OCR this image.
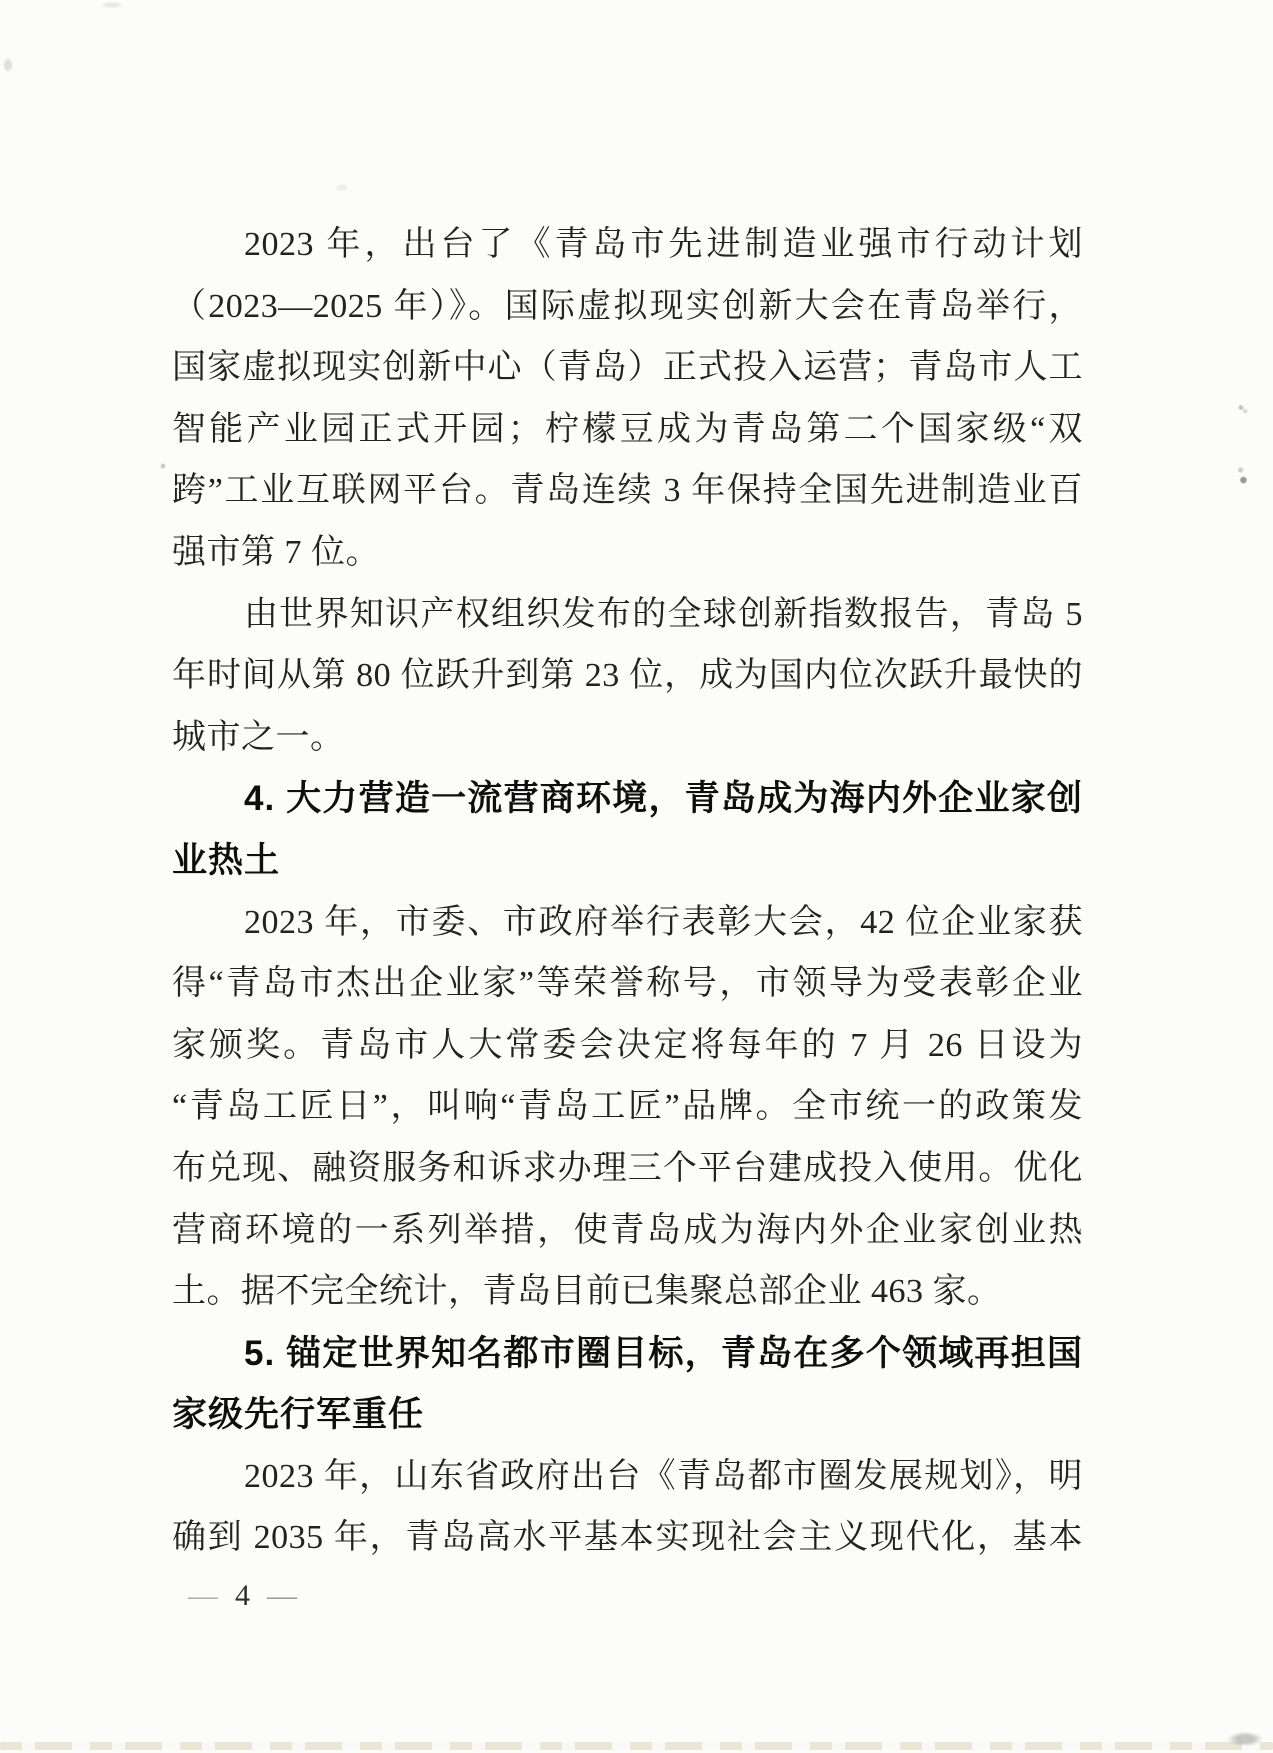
2023 年，出台了《青岛市先进制造业强市行动计划
（2023—2025 年）》。国际虚拟现实创新大会在青岛举行，
国家虚拟现实创新中心（青岛）正式投入运营；青岛市人工
智能产业园正式开园；柠檬豆成为青岛第二个国家级“双
跨”工业互联网平台。青岛连续 3 年保持全国先进制造业百
强市第 7 位。
由世界知识产权组织发布的全球创新指数报告，青岛 5
年时间从第 80 位跃升到第 23 位，成为国内位次跃升最快的
城市之一。
4. 大力营造一流营商环境，青岛成为海内外企业家创
业热土
2023 年，市委、市政府举行表彰大会，42 位企业家获
得“青岛市杰出企业家”等荣誉称号，市领导为受表彰企业
家颁奖。青岛市人大常委会决定将每年的 7 月 26 日设为
“青岛工匠日”，叫响“青岛工匠”品牌。全市统一的政策发
布兑现、融资服务和诉求办理三个平台建成投入使用。优化
营商环境的一系列举措，使青岛成为海内外企业家创业热
土。据不完全统计，青岛目前已集聚总部企业 463 家。
5. 锚定世界知名都市圈目标，青岛在多个领域再担国
家级先行军重任
2023 年，山东省政府出台《青岛都市圈发展规划》，明
确到 2035 年，青岛高水平基本实现社会主义现代化，基本
— 4 —
